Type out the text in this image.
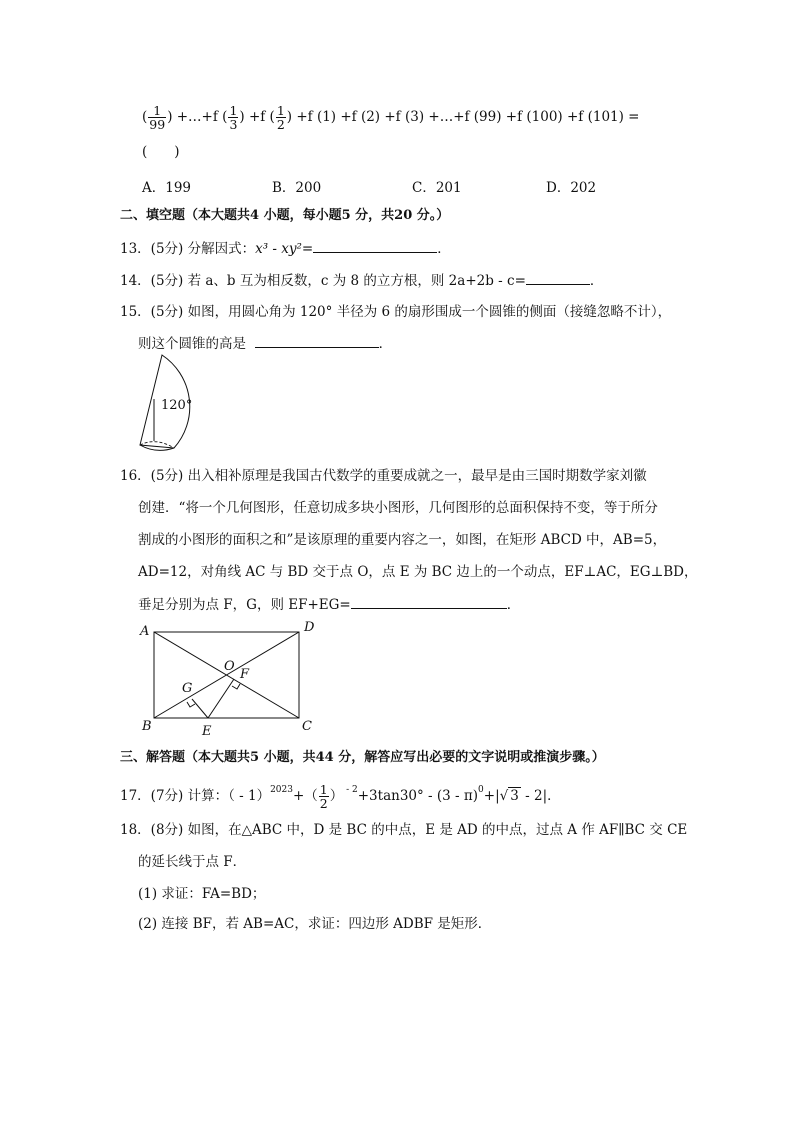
( $\frac{1}{99}$ ) +…+f ( $\frac{1}{3}$ ) +f ( $\frac{1}{2}$ ) +f (1) +f (2) +f (3) +…+f (99) +f (100) +f (101) =
(　　)
A．199	B．200	C．201	D．202
二、填空题（本大题共4 小题，每小题5 分，共20 分。）
13．(5分) 分解因式：x³ - xy²=	．
14．(5分) 若 a、b 互为相反数，c 为 8 的立方根，则 2a+2b - c=	．
15．(5分) 如图，用圆心角为 120° 半径为 6 的扇形围成一个圆锥的侧面（接缝忽略不计），
则这个圆锥的高是	．
120°
16．(5分) 出入相补原理是我国古代数学的重要成就之一，最早是由三国时期数学家刘徽
创建．“将一个几何图形，任意切成多块小图形，几何图形的总面积保持不变，等于所分
割成的小图形的面积之和”是该原理的重要内容之一，如图，在矩形 ABCD 中，AB=5，
AD=12，对角线 AC 与 BD 交于点 O，点 E 为 BC 边上的一个动点，EF⊥AC，EG⊥BD，
垂足分别为点 F，G，则 EF+EG=	．
A	D
B	C
O
F
G
E
三、解答题（本大题共5 小题，共44 分，解答应写出必要的文字说明或推演步骤。）
17．(7分) 计算：（ - $1)^{2023}+( \frac{1}{2}$ ） $^{- 2}$+3tan30° - (3 - π)$^0$+|√ 3 - 2|．
18．(8分) 如图，在△ABC 中，D 是 BC 的中点，E 是 AD 的中点，过点 A 作 AF∥BC 交 CE
的延长线于点 F．
(1) 求证：FA=BD；
(2) 连接 BF，若 AB=AC，求证：四边形 ADBF 是矩形．
